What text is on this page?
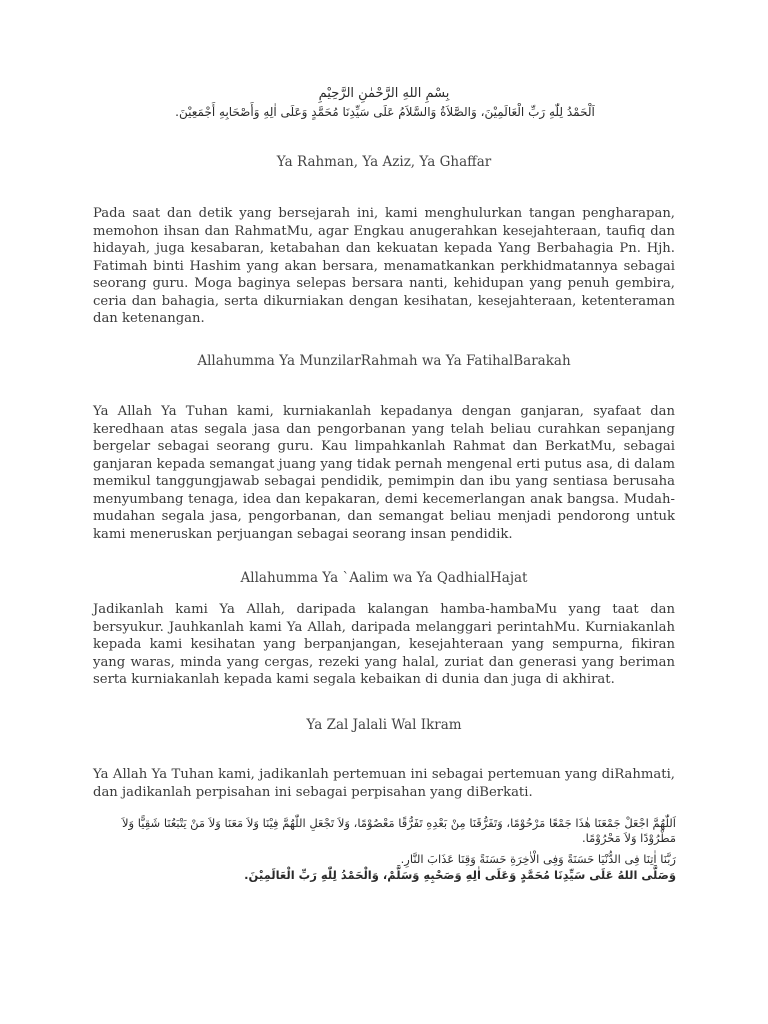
بِسْمِ اللهِ الرَّحْمٰنِ الرَّحِيْمِ
اَلْحَمْدُ لِلّٰهِ رَبِّ الْعَالَمِيْنَ، وَالصَّلاَةُ وَالسَّلاَمُ عَلَى سَيِّدِنَا مُحَمَّدٍ وَعَلَى اٰلِهِ وَأَصْحَابِهِ أَجْمَعِيْنَ.
Ya Rahman, Ya Aziz, Ya Ghaffar
Pada saat dan detik yang bersejarah ini, kami menghulurkan tangan pengharapan, memohon ihsan dan RahmatMu, agar Engkau anugerahkan kesejahteraan, taufiq dan hidayah, juga kesabaran, ketabahan dan kekuatan kepada Yang Berbahagia Pn. Hjh. Fatimah binti Hashim yang akan bersara, menamatkankan perkhidmatannya sebagai seorang guru. Moga baginya selepas bersara nanti, kehidupan yang penuh gembira, ceria dan bahagia, serta dikurniakan dengan kesihatan, kesejahteraan, ketenteraman dan ketenangan.
Allahumma Ya MunzilarRahmah wa Ya FatihalBarakah
Ya Allah Ya Tuhan kami, kurniakanlah kepadanya dengan ganjaran, syafaat dan keredhaan atas segala jasa dan pengorbanan yang telah beliau curahkan sepanjang bergelar sebagai seorang guru. Kau limpahkanlah Rahmat dan BerkatMu, sebagai ganjaran kepada semangat juang yang tidak pernah mengenal erti putus asa, di dalam memikul tanggungjawab sebagai pendidik, pemimpin dan ibu yang sentiasa berusaha menyumbang tenaga, idea dan kepakaran, demi kecemerlangan anak bangsa. Mudah-mudahan segala jasa, pengorbanan, dan semangat beliau menjadi pendorong untuk kami meneruskan perjuangan sebagai seorang insan pendidik.
Allahumma Ya `Aalim wa Ya QadhialHajat
Jadikanlah kami Ya Allah, daripada kalangan hamba-hambaMu yang taat dan bersyukur. Jauhkanlah kami Ya Allah, daripada melanggari perintahMu. Kurniakanlah kepada kami kesihatan yang berpanjangan, kesejahteraan yang sempurna, fikiran yang waras, minda yang cergas, rezeki yang halal, zuriat dan generasi yang beriman serta kurniakanlah kepada kami segala kebaikan di dunia dan juga di akhirat.
Ya Zal Jalali Wal Ikram
Ya Allah Ya Tuhan kami, jadikanlah pertemuan ini sebagai pertemuan yang diRahmati, dan jadikanlah perpisahan ini sebagai perpisahan yang diBerkati.
اَللّٰهُمَّ اجْعَلْ جَمْعَنَا هٰذَا جَمْعًا مَرْحُوْمًا، وَتَفَرُّقَنَا مِنْ بَعْدِهِ تَفَرُّقًا مَعْصُوْمًا، وَلاَ تَجْعَلِ اللّٰهُمَّ فِيْنَا وَلاَ مَعَنَا وَلاَ مَنْ يَتْبَعُنَا شَقِيًّا وَلاَ مَطْرُوْدًا وَلاَ مَحْرُوْمًا.
رَبَّنَا اٰتِنَا فِى الدُّنْيَا حَسَنَةً وَفِى الْاٰخِرَةِ حَسَنَةً وَقِنَا عَذَابَ النَّارِ.
وَصَلَّى اللهُ عَلَى سَيِّدِنَا مُحَمَّدٍ وَعَلَى اٰلِهِ وَصَحْبِهِ وَسَلَّمْ، وَالْحَمْدُ لِلّٰهِ رَبِّ الْعَالَمِيْنَ.
